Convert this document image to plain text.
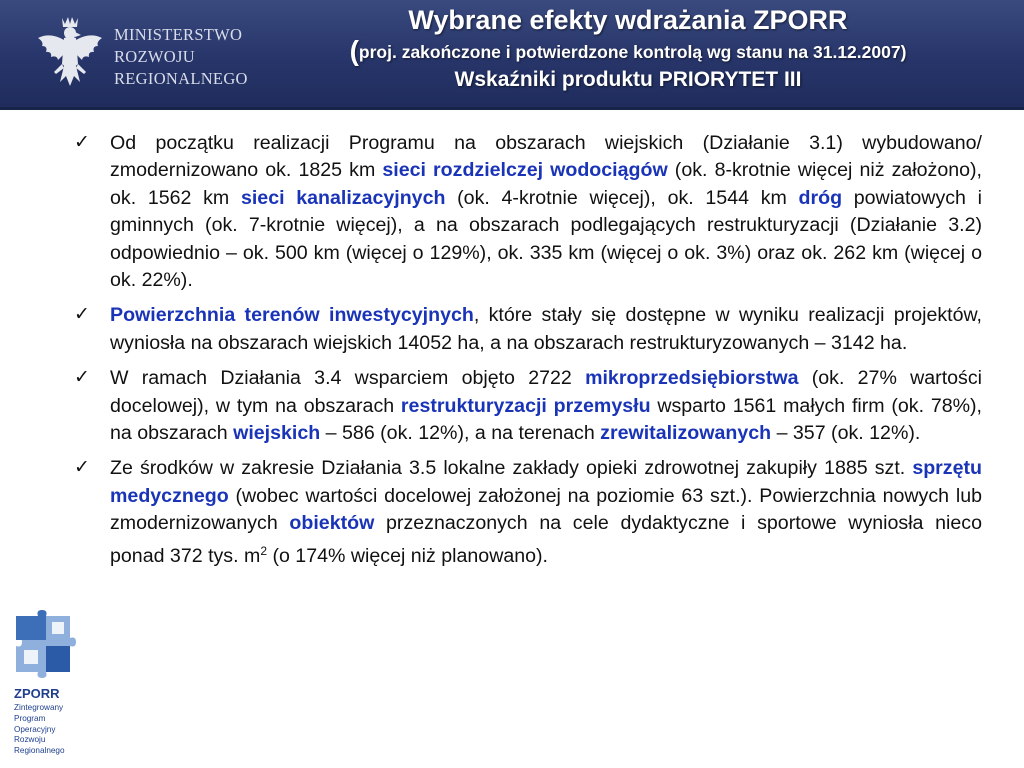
MINISTERSTWO
ROZWOJU
REGIONALNEGO
Wybrane efekty wdrażania ZPORR
(proj. zakończone i potwierdzone kontrolą wg stanu na 31.12.2007)
Wskaźniki produktu PRIORYTET III
✓ Od początku realizacji Programu na obszarach wiejskich (Działanie 3.1) wybudowano/ zmodernizowano ok. 1825 km sieci rozdzielczej wodociągów (ok. 8-krotnie więcej niż założono), ok. 1562 km sieci kanalizacyjnych (ok. 4-krotnie więcej), ok. 1544 km dróg powiatowych i gminnych (ok. 7-krotnie więcej), a na obszarach podlegających restrukturyzacji (Działanie 3.2) odpowiednio – ok. 500 km (więcej o 129%), ok. 335 km (więcej o ok. 3%) oraz ok. 262 km (więcej o ok. 22%).

✓ Powierzchnia terenów inwestycyjnych, które stały się dostępne w wyniku realizacji projektów, wyniosła na obszarach wiejskich 14052 ha, a na obszarach restrukturyzowanych – 3142 ha.

✓ W ramach Działania 3.4 wsparciem objęto 2722 mikroprzedsiębiorstwa (ok. 27% wartości docelowej), w tym na obszarach restrukturyzacji przemysłu wsparto 1561 małych firm (ok. 78%), na obszarach wiejskich – 586 (ok. 12%), a na terenach zrewitalizowanych – 357 (ok. 12%).

✓ Ze środków w zakresie Działania 3.5 lokalne zakłady opieki zdrowotnej zakupiły 1885 szt. sprzętu medycznego (wobec wartości docelowej założonej na poziomie 63 szt.). Powierzchnia nowych lub zmodernizowanych obiektów przeznaczonych na cele dydaktyczne i sportowe wyniosła nieco ponad 372 tys. $m^2$ (o 174% więcej niż planowano).

ZPORR
Zintegrowany
Program
Operacyjny
Rozwoju
Regionalnego
